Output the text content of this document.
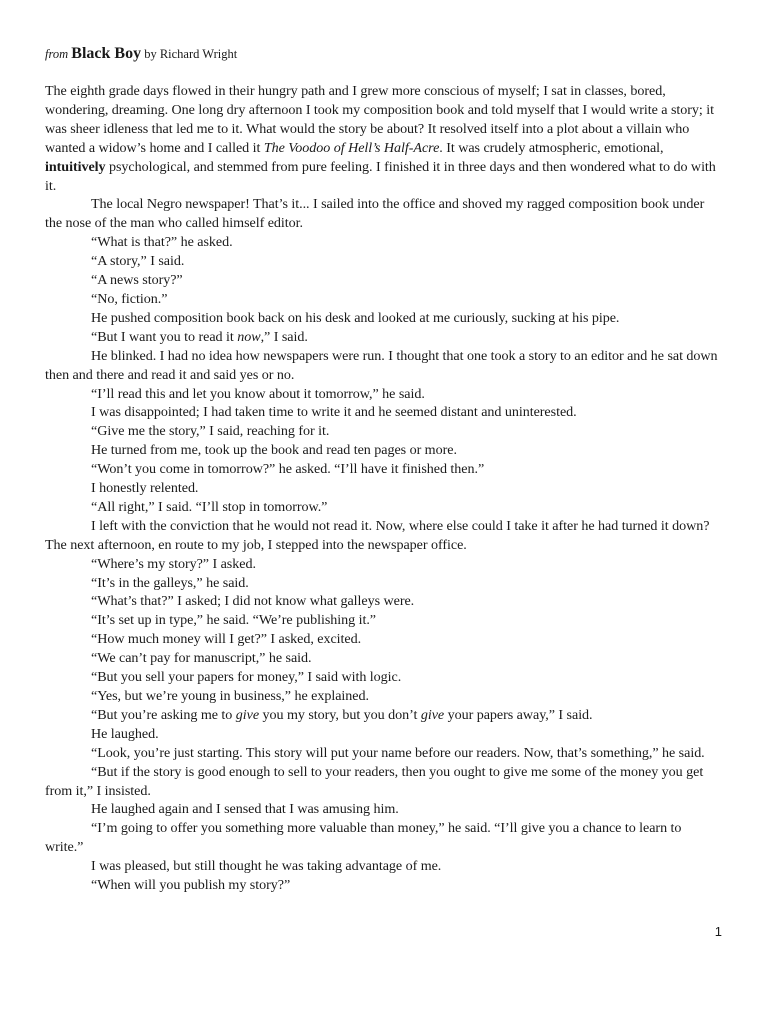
from Black Boy by Richard Wright

The eighth grade days flowed in their hungry path and I grew more conscious of myself; I sat in classes, bored, wondering, dreaming. One long dry afternoon I took my composition book and told myself that I would write a story; it was sheer idleness that led me to it. What would the story be about? It resolved itself into a plot about a villain who wanted a widow’s home and I called it The Voodoo of Hell’s Half-Acre. It was crudely atmospheric, emotional, intuitively psychological, and stemmed from pure feeling. I finished it in three days and then wondered what to do with it.

The local Negro newspaper! That’s it... I sailed into the office and shoved my ragged composition book under the nose of the man who called himself editor.

“What is that?” he asked.

“A story,” I said.

“A news story?”

“No, fiction.”

He pushed composition book back on his desk and looked at me curiously, sucking at his pipe.

“But I want you to read it now,” I said.

He blinked. I had no idea how newspapers were run. I thought that one took a story to an editor and he sat down then and there and read it and said yes or no.

“I’ll read this and let you know about it tomorrow,” he said.

I was disappointed; I had taken time to write it and he seemed distant and uninterested.

“Give me the story,” I said, reaching for it.

He turned from me, took up the book and read ten pages or more.

“Won’t you come in tomorrow?” he asked. “I’ll have it finished then.”

I honestly relented.

“All right,” I said. “I’ll stop in tomorrow.”

I left with the conviction that he would not read it. Now, where else could I take it after he had turned it down? The next afternoon, en route to my job, I stepped into the newspaper office.

“Where’s my story?” I asked.

“It’s in the galleys,” he said.

“What’s that?” I asked; I did not know what galleys were.

“It’s set up in type,” he said. “We’re publishing it.”

“How much money will I get?” I asked, excited.

“We can’t pay for manuscript,” he said.

“But you sell your papers for money,” I said with logic.

“Yes, but we’re young in business,” he explained.

“But you’re asking me to give you my story, but you don’t give your papers away,” I said.

He laughed.

“Look, you’re just starting. This story will put your name before our readers. Now, that’s something,” he said.

“But if the story is good enough to sell to your readers, then you ought to give me some of the money you get from it,” I insisted.

He laughed again and I sensed that I was amusing him.

“I’m going to offer you something more valuable than money,” he said. “I’ll give you a chance to learn to write.”

I was pleased, but still thought he was taking advantage of me.

“When will you publish my story?”

1
